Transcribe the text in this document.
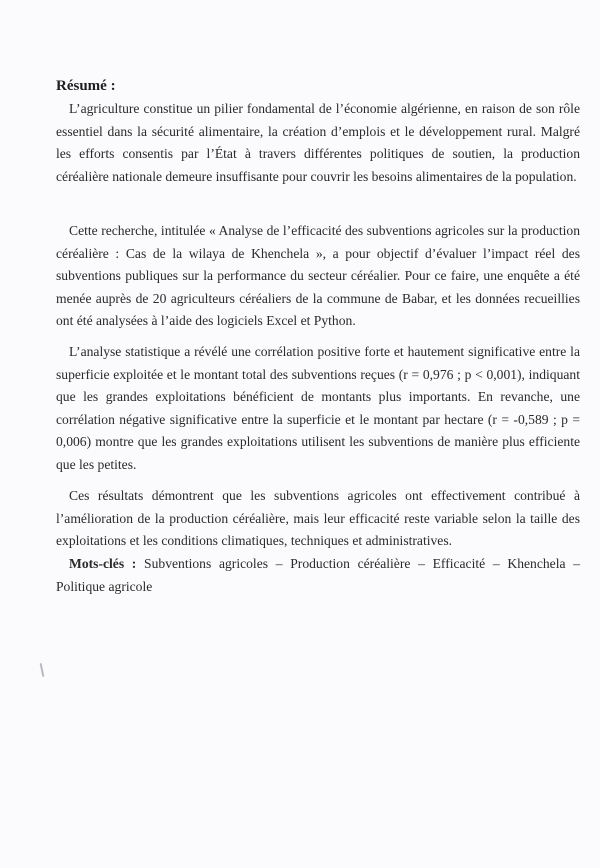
Résumé :

L’agriculture constitue un pilier fondamental de l’économie algérienne, en raison de son rôle essentiel dans la sécurité alimentaire, la création d’emplois et le développement rural. Malgré les efforts consentis par l’État à travers différentes politiques de soutien, la production céréalière nationale demeure insuffisante pour couvrir les besoins alimentaires de la population.

Cette recherche, intitulée « Analyse de l’efficacité des subventions agricoles sur la production céréalière : Cas de la wilaya de Khenchela », a pour objectif d’évaluer l’impact réel des subventions publiques sur la performance du secteur céréalier. Pour ce faire, une enquête a été menée auprès de 20 agriculteurs céréaliers de la commune de Babar, et les données recueillies ont été analysées à l’aide des logiciels Excel et Python.

L’analyse statistique a révélé une corrélation positive forte et hautement significative entre la superficie exploitée et le montant total des subventions reçues (r = 0,976 ; p < 0,001), indiquant que les grandes exploitations bénéficient de montants plus importants. En revanche, une corrélation négative significative entre la superficie et le montant par hectare (r = -0,589 ; p = 0,006) montre que les grandes exploitations utilisent les subventions de manière plus efficiente que les petites.

Ces résultats démontrent que les subventions agricoles ont effectivement contribué à l’amélioration de la production céréalière, mais leur efficacité reste variable selon la taille des exploitations et les conditions climatiques, techniques et administratives.

Mots-clés : Subventions agricoles – Production céréalière – Efficacité – Khenchela – Politique agricole
